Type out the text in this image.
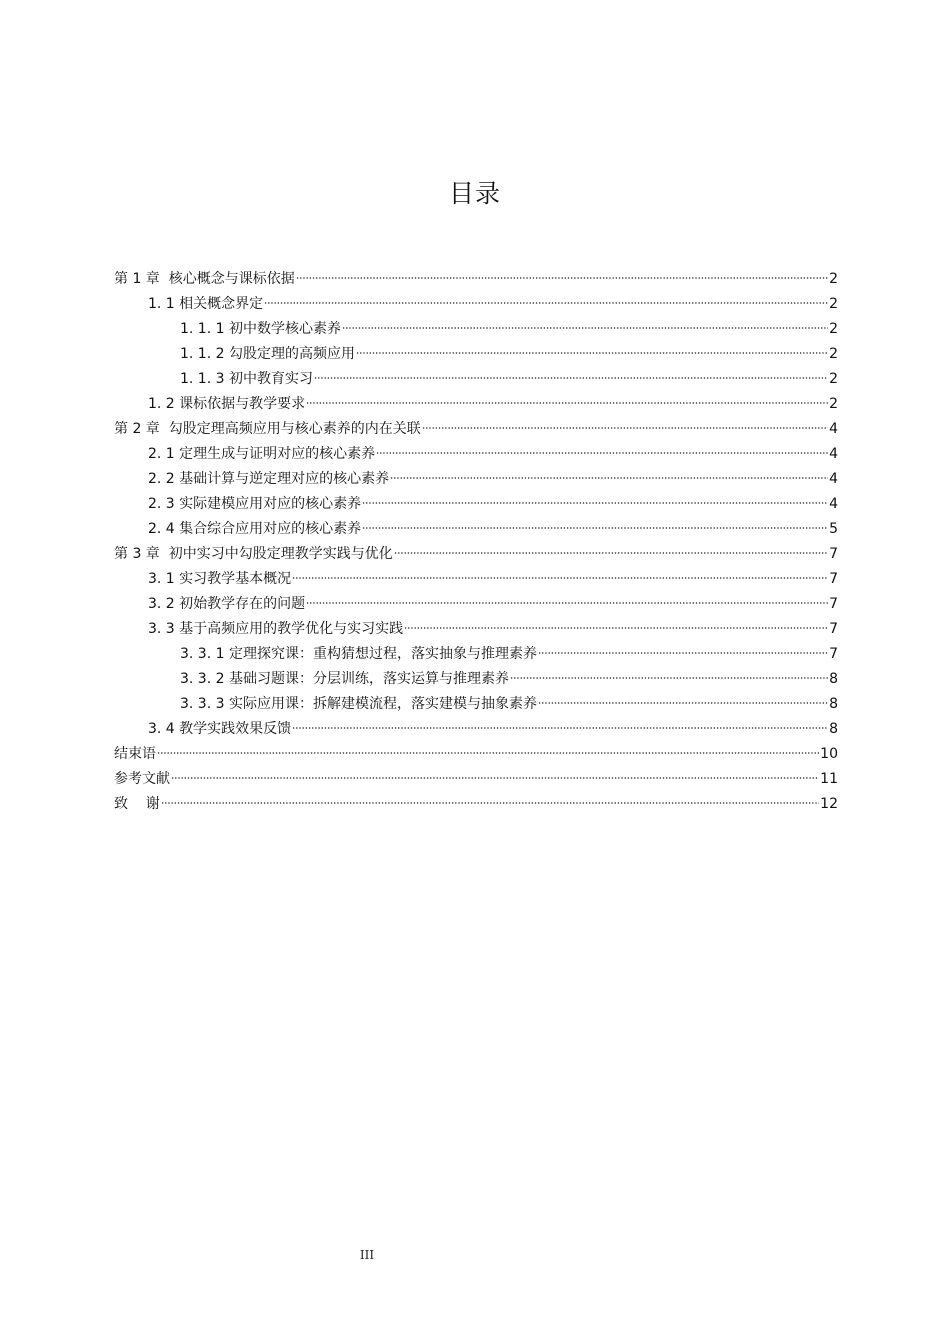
目录
第 1 章  核心概念与课标依据	2
1. 1 相关概念界定	2
1. 1. 1 初中数学核心素养	2
1. 1. 2 勾股定理的高频应用	2
1. 1. 3 初中教育实习	2
1. 2 课标依据与教学要求	2
第 2 章  勾股定理高频应用与核心素养的内在关联	4
2. 1 定理生成与证明对应的核心素养	4
2. 2 基础计算与逆定理对应的核心素养	4
2. 3 实际建模应用对应的核心素养	4
2. 4 集合综合应用对应的核心素养	5
第 3 章  初中实习中勾股定理教学实践与优化	7
3. 1 实习教学基本概况	7
3. 2 初始教学存在的问题	7
3. 3 基于高频应用的教学优化与实习实践	7
3. 3. 1 定理探究课：重构猜想过程，落实抽象与推理素养	7
3. 3. 2 基础习题课：分层训练，落实运算与推理素养	8
3. 3. 3 实际应用课：拆解建模流程，落实建模与抽象素养	8
3. 4 教学实践效果反馈	8
结束语	10
参考文献	11
致    谢	12
III
